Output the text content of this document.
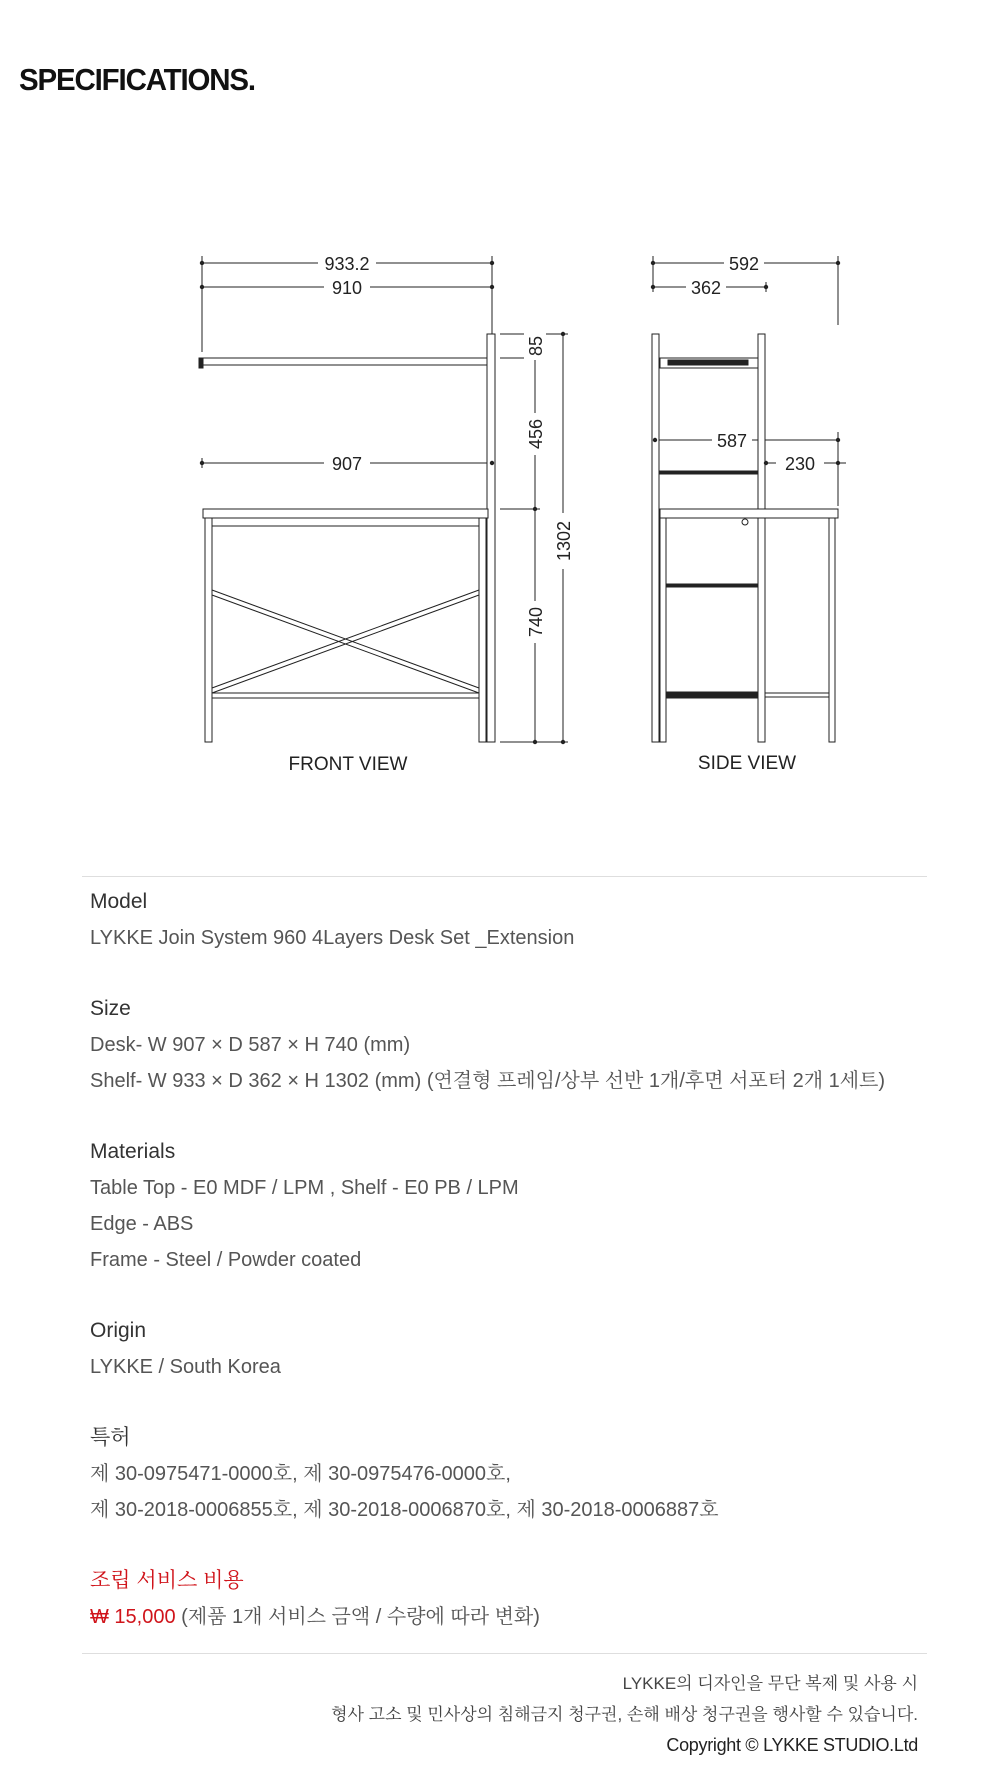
SPECIFICATIONS.
933.2
910
907
592
362
587
230
85
456
740
1302
FRONT VIEW	SIDE VIEW
Model
LYKKE Join System 960 4Layers Desk Set _Extension
Size
Desk- W 907 × D 587 × H 740 (mm)
Shelf- W 933 × D 362 × H 1302 (mm) (연결형 프레임/상부 선반 1개/후면 서포터 2개 1세트)
Materials
Table Top - E0 MDF / LPM , Shelf - E0 PB / LPM
Edge - ABS
Frame - Steel / Powder coated
Origin
LYKKE / South Korea
특허
제 30-0975471-0000호, 제 30-0975476-0000호,
제 30-2018-0006855호, 제 30-2018-0006870호, 제 30-2018-0006887호
조립 서비스 비용
₩ 15,000 (제품 1개 서비스 금액 / 수량에 따라 변화)
LYKKE의 디자인을 무단 복제 및 사용 시
형사 고소 및 민사상의 침해금지 청구권, 손해 배상 청구권을 행사할 수 있습니다.
Copyright © LYKKE STUDIO.Ltd
